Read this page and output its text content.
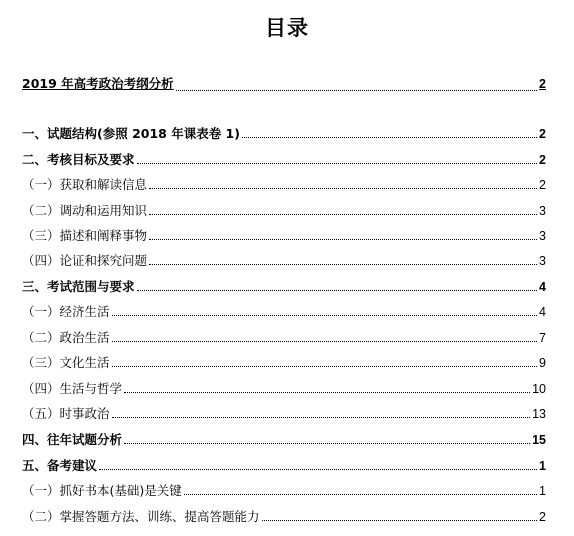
目录
2019 年高考政治考纲分析	2
一、试题结构(参照 2018 年课表卷 1)	2
二、考核目标及要求	2
（一）获取和解读信息	2
（二）调动和运用知识	3
（三）描述和阐释事物	3
（四）论证和探究问题	3
三、考试范围与要求	4
（一）经济生活	4
（二）政治生活	7
（三）文化生活	9
（四）生活与哲学	10
（五）时事政治	13
四、往年试题分析	15
五、备考建议	1
（一）抓好书本(基础)是关键	1
（二）掌握答题方法、训练、提高答题能力	2
